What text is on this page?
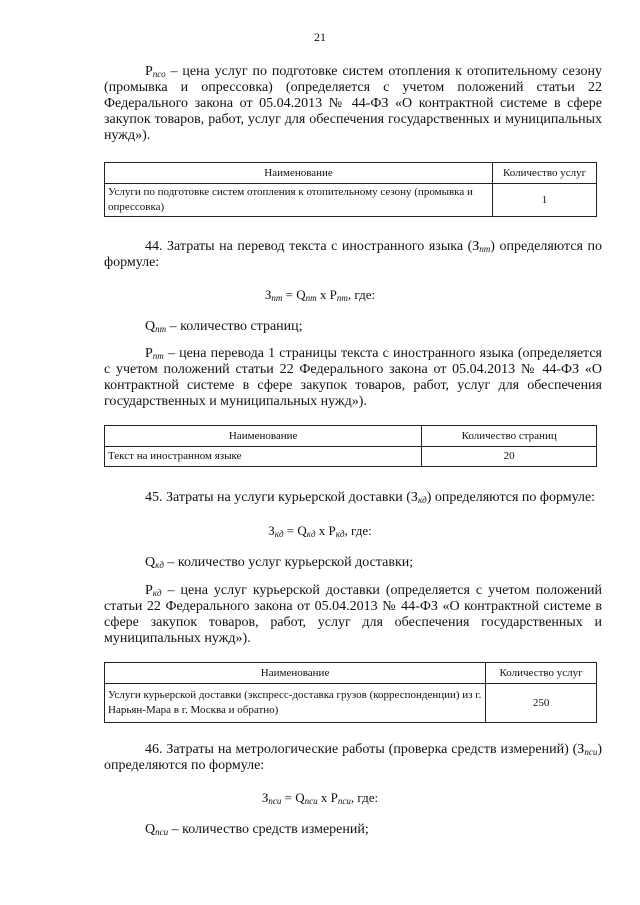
21
$Р_{псо}$ – цена услуг по подготовке систем отопления к отопительному сезону (промывка и опрессовка) (определяется с учетом положений статьи 22 Федерального закона от 05.04.2013 № 44-ФЗ «О контрактной системе в сфере закупок товаров, работ, услуг для обеспечения государственных и муниципальных нужд»).
Наименование	Количество услуг
Услуги по подготовке систем отопления к отопительному сезону (промывка и опрессовка)	1
44. Затраты на перевод текста с иностранного языка $(З_{пт})$ определяются по формуле:
$З_{пт} = Q_{пт}$ х $Р_{пт}$, где:
$Q_{пт}$ – количество страниц;
$Р_{пт}$ – цена перевода 1 страницы текста с иностранного языка (определяется с учетом положений статьи 22 Федерального закона от 05.04.2013 № 44-ФЗ «О контрактной системе в сфере закупок товаров, работ, услуг для обеспечения государственных и муниципальных нужд»).
Наименование	Количество страниц
Текст на иностранном языке	20
45. Затраты на услуги курьерской доставки $(З_{кд})$ определяются по формуле:
$З_{кд} = Q_{кд}$ х $Р_{кд}$, где:
$Q_{кд}$ – количество услуг курьерской доставки;
$Р_{кд}$ – цена услуг курьерской доставки (определяется с учетом положений статьи 22 Федерального закона от 05.04.2013 № 44-ФЗ «О контрактной системе в сфере закупок товаров, работ, услуг для обеспечения государственных и муниципальных нужд»).
Наименование	Количество услуг
Услуги курьерской доставки (экспресс-доставка грузов (корреспонденции) из г. Нарьян-Мара в г. Москва и обратно)	250
46. Затраты на метрологические работы (проверка средств измерений) $(З_{пси})$ определяются по формуле:
$З_{пси} = Q_{пси}$ х $Р_{пси}$, где:
$Q_{пси}$ – количество средств измерений;
